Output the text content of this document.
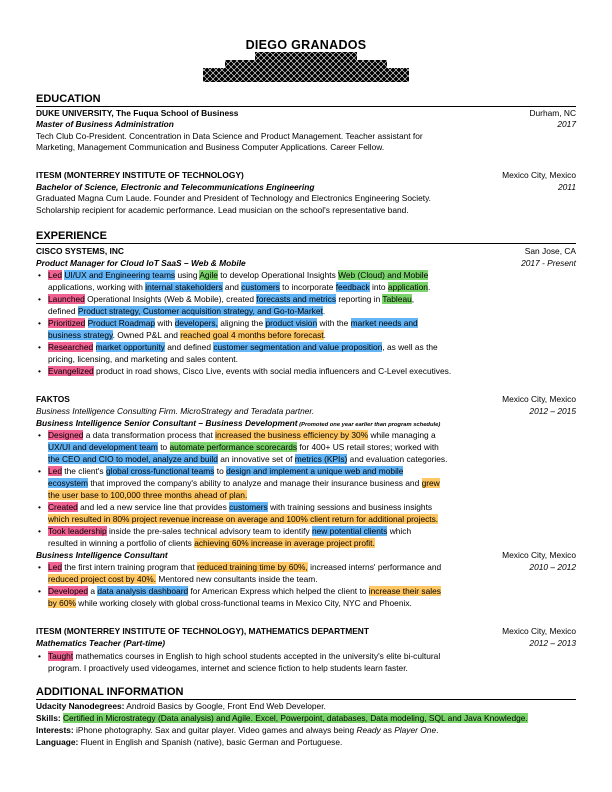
DIEGO GRANADOS
EDUCATION
DUKE UNIVERSITY, The Fuqua School of Business	Durham, NC
Master of Business Administration	2017
Tech Club Co-President. Concentration in Data Science and Product Management. Teacher assistant for
Marketing, Management Communication and Business Computer Applications. Career Fellow.
ITESM (MONTERREY INSTITUTE OF TECHNOLOGY)	Mexico City, Mexico
Bachelor of Science, Electronic and Telecommunications Engineering	2011
Graduated Magna Cum Laude. Founder and President of Technology and Electronics Engineering Society.
Scholarship recipient for academic performance. Lead musician on the school's representative band.
EXPERIENCE
CISCO SYSTEMS, INC	San Jose, CA
Product Manager for Cloud IoT SaaS – Web & Mobile	2017 - Present
• Led UI/UX and Engineering teams using Agile to develop Operational Insights Web (Cloud) and Mobile
applications, working with internal stakeholders and customers to incorporate feedback into application.
• Launched Operational Insights (Web & Mobile), created forecasts and metrics reporting in Tableau,
defined Product strategy, Customer acquisition strategy, and Go-to-Market.
• Prioritized Product Roadmap with developers, aligning the product vision with the market needs and
business strategy. Owned P&L and reached goal 4 months before forecast.
• Researched market opportunity and defined customer segmentation and value proposition, as well as the
pricing, licensing, and marketing and sales content.
• Evangelized product in road shows, Cisco Live, events with social media influencers and C-Level executives.
FAKTOS	Mexico City, Mexico
Business Intelligence Consulting Firm. MicroStrategy and Teradata partner.	2012 – 2015
Business Intelligence Senior Consultant – Business Development (Promoted one year earlier than program schedule)
• Designed a data transformation process that increased the business efficiency by 30% while managing a
UX/UI and development team to automate performance scorecards for 400+ US retail stores; worked with
the CEO and CIO to model, analyze and build an innovative set of metrics (KPIs) and evaluation categories.
• Led the client's global cross-functional teams to design and implement a unique web and mobile
ecosystem that improved the company's ability to analyze and manage their insurance business and grew
the user base to 100,000 three months ahead of plan.
• Created and led a new service line that provides customers with training sessions and business insights
which resulted in 80% project revenue increase on average and 100% client return for additional projects.
• Took leadership inside the pre-sales technical advisory team to identify new potential clients which
resulted in winning a portfolio of clients achieving 60% increase in average project profit.
Business Intelligence Consultant	Mexico City, Mexico
2010 – 2012
• Led the first intern training program that reduced training time by 60%, increased interns' performance and
reduced project cost by 40%. Mentored new consultants inside the team.
• Developed a data analysis dashboard for American Express which helped the client to increase their sales
by 60% while working closely with global cross-functional teams in Mexico City, NYC and Phoenix.
ITESM (MONTERREY INSTITUTE OF TECHNOLOGY), MATHEMATICS DEPARTMENT	Mexico City, Mexico
Mathematics Teacher (Part-time)	2012 – 2013
• Taught mathematics courses in English to high school students accepted in the university's elite bi-cultural
program. I proactively used videogames, internet and science fiction to help students learn faster.
ADDITIONAL INFORMATION
Udacity Nanodegrees: Android Basics by Google, Front End Web Developer.
Skills: Certified in Microstrategy (Data analysis) and Agile. Excel, Powerpoint, databases, Data modeling, SQL and Java Knowledge.
Interests: iPhone photography. Sax and guitar player. Video games and always being Ready as Player One.
Language: Fluent in English and Spanish (native), basic German and Portuguese.
